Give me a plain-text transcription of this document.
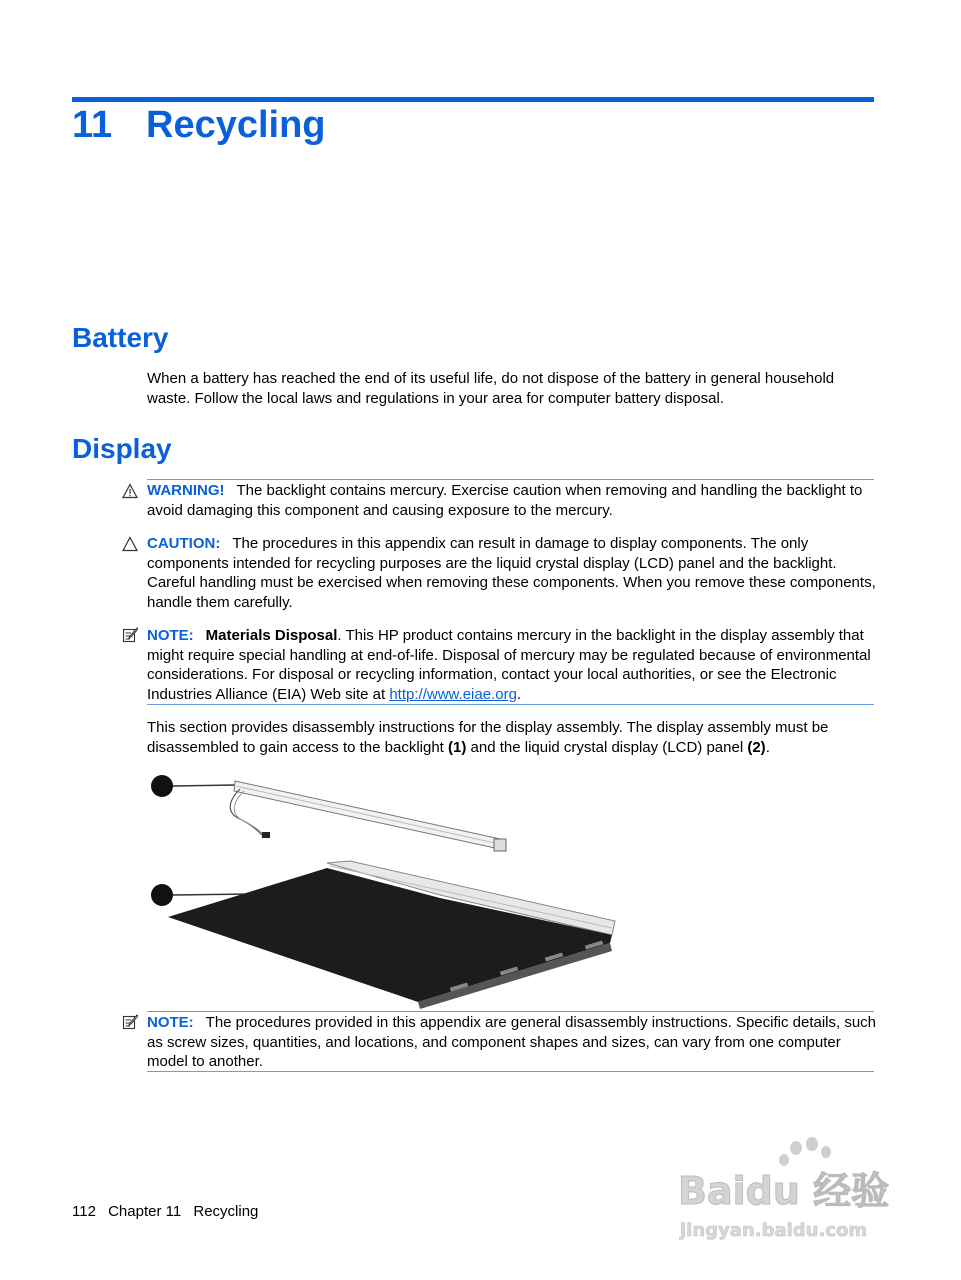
11 Recycling
Battery

When a battery has reached the end of its useful life, do not dispose of the battery in general household waste. Follow the local laws and regulations in your area for computer battery disposal.

Display

WARNING! The backlight contains mercury. Exercise caution when removing and handling the backlight to avoid damaging this component and causing exposure to the mercury.

CAUTION: The procedures in this appendix can result in damage to display components. The only components intended for recycling purposes are the liquid crystal display (LCD) panel and the backlight. Careful handling must be exercised when removing these components. When you remove these components, handle them carefully.

NOTE: Materials Disposal. This HP product contains mercury in the backlight in the display assembly that might require special handling at end-of-life. Disposal of mercury may be regulated because of environmental considerations. For disposal or recycling information, contact your local authorities, or see the Electronic Industries Alliance (EIA) Web site at http://www.eiae.org.

This section provides disassembly instructions for the display assembly. The display assembly must be disassembled to gain access to the backlight (1) and the liquid crystal display (LCD) panel (2).

NOTE: The procedures provided in this appendix are general disassembly instructions. Specific details, such as screw sizes, quantities, and locations, and component shapes and sizes, can vary from one computer model to another.

112 Chapter 11 Recycling	Baidu 经验
jingyan.baidu.com
